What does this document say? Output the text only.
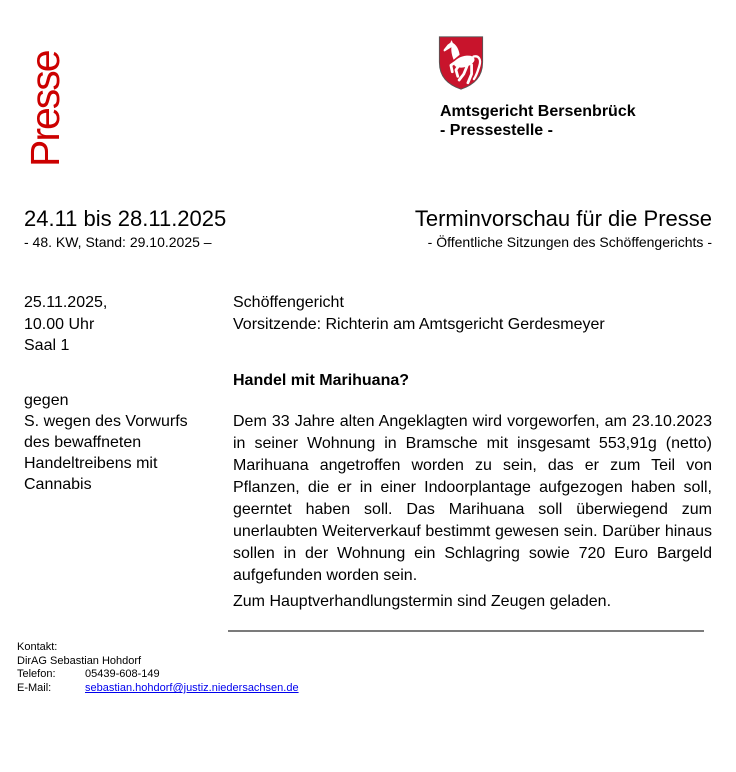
Presse	Amtsgericht Bersenbrück
- Pressestelle -
24.11 bis 28.11.2025
- 48. KW, Stand: 29.10.2025 –
Terminvorschau für die Presse
- Öffentliche Sitzungen des Schöffengerichts -
25.11.2025,
10.00 Uhr
Saal 1
Schöffengericht
Vorsitzende: Richterin am Amtsgericht Gerdesmeyer
gegen
S. wegen des Vorwurfs
des bewaffneten
Handeltreibens mit
Cannabis
Handel mit Marihuana?
Dem 33 Jahre alten Angeklagten wird vorgeworfen, am 23.10.2023 in seiner Wohnung in Bramsche mit insgesamt 553,91g (netto) Marihuana angetroffen worden zu sein, das er zum Teil von Pflanzen, die er in einer Indoorplantage aufgezogen haben soll, geerntet haben soll. Das Marihuana soll überwiegend zum unerlaubten Weiterverkauf bestimmt gewesen sein. Darüber hinaus sollen in der Wohnung ein Schlagring sowie 720 Euro Bargeld aufgefunden worden sein.
Zum Hauptverhandlungstermin sind Zeugen geladen.
Kontakt:
DirAG Sebastian Hohdorf
Telefon:	05439-608-149
E-Mail:	sebastian.hohdorf@justiz.niedersachsen.de
